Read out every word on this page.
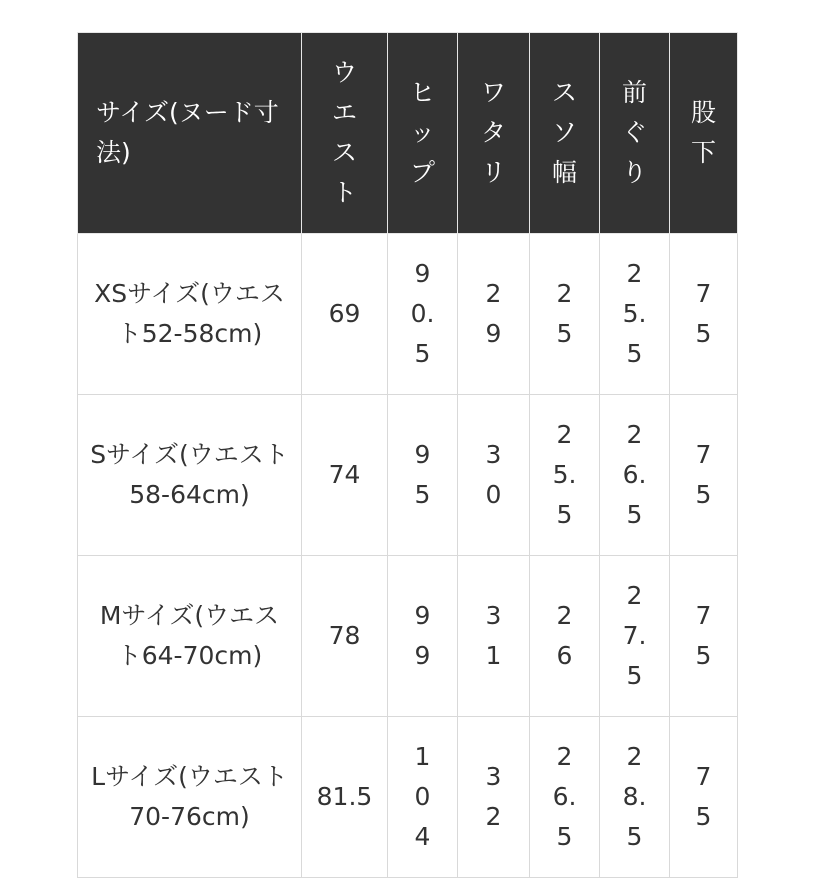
サイズ(ヌード寸法)	ウエスト	ヒップ	ワタリ	スソ幅	前ぐり	股下
XSサイズ(ウエスト52-58cm)	69	90.5	29	25	25.5	75
Sサイズ(ウエスト58-64cm)	74	95	30	25.5	26.5	75
Mサイズ(ウエスト64-70cm)	78	99	31	26	27.5	75
Lサイズ(ウエスト70-76cm)	81.5	104	32	26.5	28.5	75
